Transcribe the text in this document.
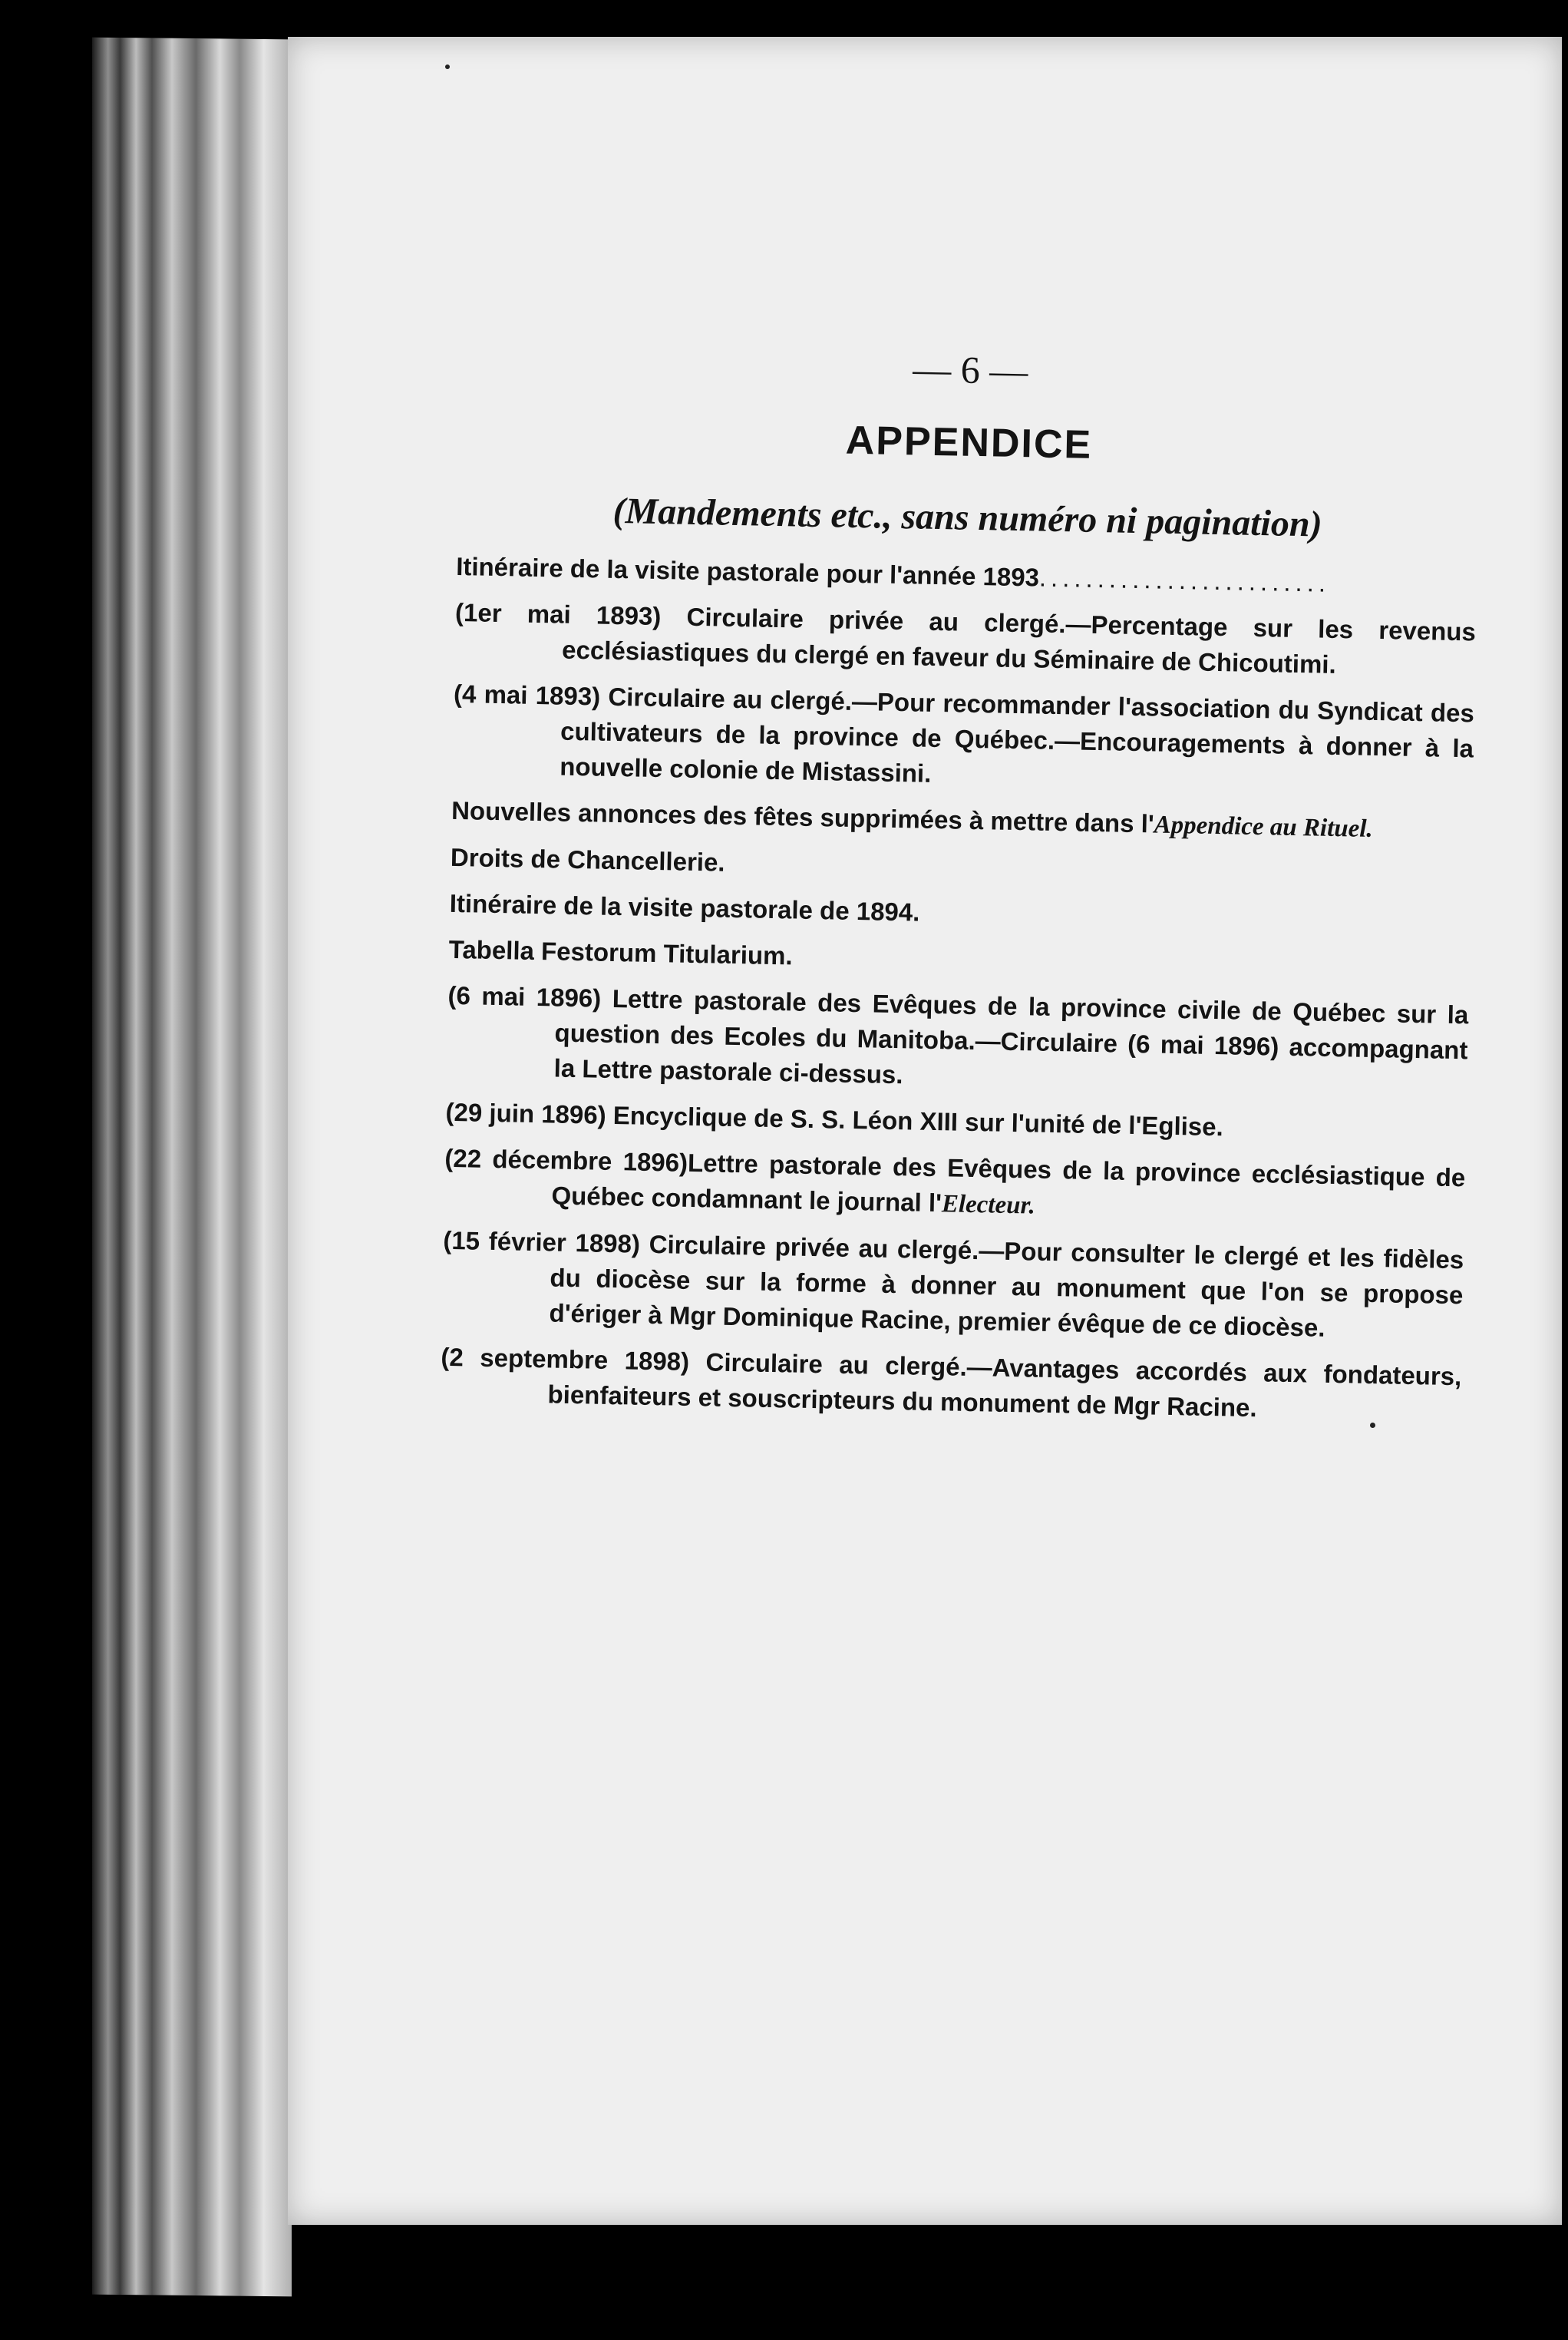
— 6 —
APPENDICE
(Mandements etc., sans numéro ni pagination)
Itinéraire de la visite pastorale pour l'année 1893.........................
(1er mai 1893) Circulaire privée au clergé.—Percentage sur les revenus ecclésiastiques du clergé en faveur du Séminaire de Chicoutimi.
(4 mai 1893) Circulaire au clergé.—Pour recommander l'association du Syndicat des cultivateurs de la province de Québec.—Encouragements à donner à la nouvelle colonie de Mistassini.
Nouvelles annonces des fêtes supprimées à mettre dans l'Appendice au Rituel.
Droits de Chancellerie.
Itinéraire de la visite pastorale de 1894.
Tabella Festorum Titularium.
(6 mai 1896) Lettre pastorale des Evêques de la province civile de Québec sur la question des Ecoles du Manitoba.—Circulaire (6 mai 1896) accompagnant la Lettre pastorale ci-dessus.
(29 juin 1896) Encyclique de S. S. Léon XIII sur l'unité de l'Eglise.
(22 décembre 1896)Lettre pastorale des Evêques de la province ecclésiastique de Québec condamnant le journal l'Electeur.
(15 février 1898) Circulaire privée au clergé.—Pour consulter le clergé et les fidèles du diocèse sur la forme à donner au monument que l'on se propose d'ériger à Mgr Dominique Racine, premier évêque de ce diocèse.
(2 septembre 1898) Circulaire au clergé.—Avantages accordés aux fondateurs, bienfaiteurs et souscripteurs du monument de Mgr Racine.
